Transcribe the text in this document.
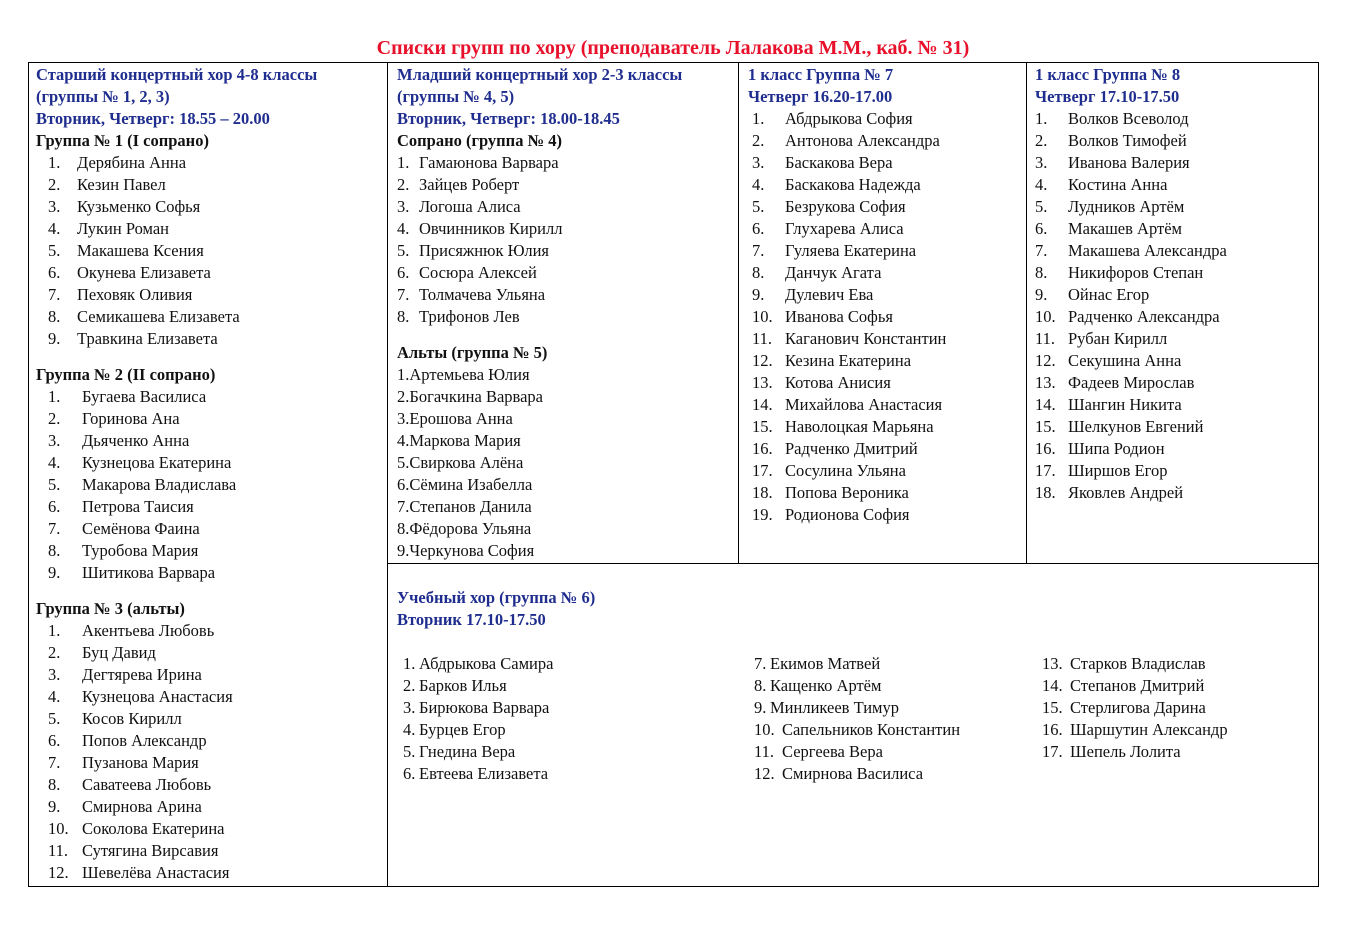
Списки групп по хору (преподаватель Лалакова М.М., каб. № 31)
Старший концертный хор 4-8 классы
(группы № 1, 2, 3)
Вторник, Четверг: 18.55 – 20.00
Группа № 1 (I сопрано)
1. Дерябина Анна
2. Кезин Павел
3. Кузьменко Софья
4. Лукин Роман
5. Макашева Ксения
6. Окунева Елизавета
7. Пеховяк Оливия
8. Семикашева Елизавета
9. Травкина Елизавета
Группа № 2 (II сопрано)
1. Бугаева Василиса
2. Горинова Ана
3. Дьяченко Анна
4. Кузнецова Екатерина
5. Макарова Владислава
6. Петрова Таисия
7. Семёнова Фаина
8. Туробова Мария
9. Шитикова Варвара
Группа № 3 (альты)
1. Акентьева Любовь
2. Буц Давид
3. Дегтярева Ирина
4. Кузнецова Анастасия
5. Косов Кирилл
6. Попов Александр
7. Пузанова Мария
8. Саватеева Любовь
9. Смирнова Арина
10. Соколова Екатерина
11. Сутягина Вирсавия
12. Шевелёва Анастасия
Младший концертный хор 2-3 классы
(группы № 4, 5)
Вторник, Четверг: 18.00-18.45
Сопрано (группа № 4)
1. Гамаюнова Варвара
2. Зайцев Роберт
3. Логоша Алиса
4. Овчинников Кирилл
5. Присяжнюк Юлия
6. Сосюра Алексей
7. Толмачева Ульяна
8. Трифонов Лев
Альты (группа № 5)
1.Артемьева Юлия
2.Богачкина Варвара
3.Ерошова Анна
4.Маркова Мария
5.Свиркова Алёна
6.Сёмина Изабелла
7.Степанов Данила
8.Фёдорова Ульяна
9.Черкунова София
1 класс Группа № 7
Четверг 16.20-17.00
1. Абдрыкова София
2. Антонова Александра
3. Баскакова Вера
4. Баскакова Надежда
5. Безрукова София
6. Глухарева Алиса
7. Гуляева Екатерина
8. Данчук Агата
9. Дулевич Ева
10. Иванова Софья
11. Каганович Константин
12. Кезина Екатерина
13. Котова Анисия
14. Михайлова Анастасия
15. Наволоцкая Марьяна
16. Радченко Дмитрий
17. Сосулина Ульяна
18. Попова Вероника
19. Родионова София
1 класс Группа № 8
Четверг 17.10-17.50
1. Волков Всеволод
2. Волков Тимофей
3. Иванова Валерия
4. Костина Анна
5. Лудников Артём
6. Макашев Артём
7. Макашева Александра
8. Никифоров Степан
9. Ойнас Егор
10. Радченко Александра
11. Рубан Кирилл
12. Секушина Анна
13. Фадеев Мирослав
14. Шангин Никита
15. Шелкунов Евгений
16. Шипа Родион
17. Ширшов Егор
18. Яковлев Андрей
Учебный хор (группа № 6)
Вторник 17.10-17.50
1. Абдрыкова Самира
2. Барков Илья
3. Бирюкова Варвара
4. Бурцев Егор
5. Гнедина Вера
6. Евтеева Елизавета
7. Екимов Матвей
8. Кащенко Артём
9. Минликеев Тимур
10. Сапельников Константин
11. Сергеева Вера
12. Смирнова Василиса
13. Старков Владислав
14. Степанов Дмитрий
15. Стерлигова Дарина
16. Шаршутин Александр
17. Шепель Лолита
